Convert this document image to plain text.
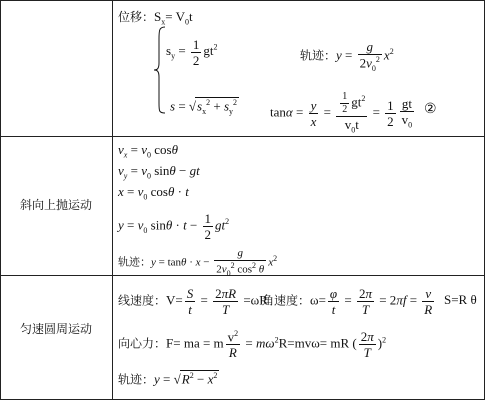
位移：$S_x= V_0t$
$s_y = \frac{1}{2} gt^2$
轨迹：$y = \frac{g}{2v_0^2} x^2$
$s = √s_x^2 + s_y^2$
$\tan\alpha = \frac{y}{x} = \frac{\frac{1}{2} gt^2}{v_0t} = \frac{1}{2} \frac{gt}{v_0}$ ②
斜向上抛运动
$v_x = v_0$ cosθ
$v_y = v_0$ sinθ − gt
$x = v_0$ cosθ · t
$y = v_0$ $\sin\theta \cdot t - \frac{1}{2} gt^2$
轨迹：$y = \tan\theta \cdot x - \frac{g}{2v_0^2 \cos^2 \theta} x^2$
匀速圆周运动
线速度：$V= \frac{S}{t} = \frac{2\pi R}{T} =\omega R$
角速度：$\omega= \frac{\varphi}{t} = \frac{2\pi}{T} = 2\pi f = \frac{v}{R} S=R$ θ
向心力：F= ma = m $\frac{v^2}{R} = m\omega^2R=mv\omega=$ mR ( $\frac{2\pi}{T} )^2$
轨迹：$y = √R^2 - x^2$
